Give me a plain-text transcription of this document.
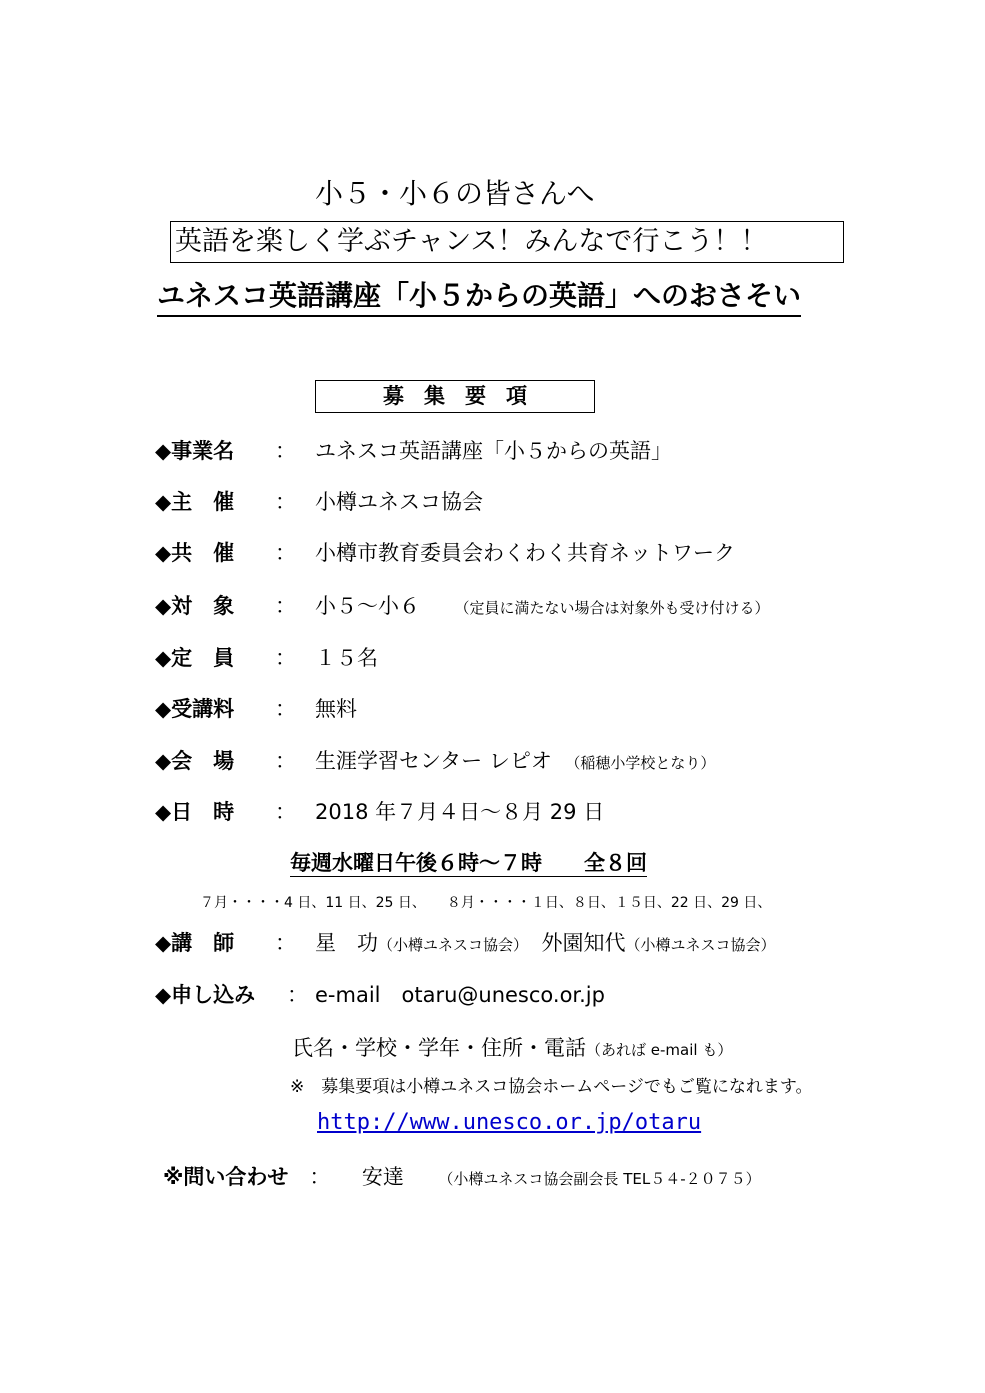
小５・小６の皆さんへ
英語を楽しく学ぶチャンス！みんなで行こう！！
ユネスコ英語講座「小５からの英語」へのおさそい
募集要項
◆事業名 ： ユネスコ英語講座「小５からの英語」
◆主　催 ： 小樽ユネスコ協会
◆共　催 ： 小樽市教育委員会わくわく共育ネットワーク
◆対　象 ： 小５～小６　　	（定員に満たない場合は対象外も受け付ける）
◆定　員 ： １５名
◆受講料 ： 無料
◆会　場 ： 生涯学習センター レピオ　 （稲穂小学校となり）
◆日　時 ： 2018 年７月４日～８月 29 日
毎週水曜日午後６時～７時　　全８回
７月・・・・4 日、11 日、25 日、　　 ８月・・・・１日、８日、１５日、22 日、29 日、
◆講　師 ： 星　功（小樽ユネスコ協会）　 外園知代（小樽ユネスコ協会）
◆申し込み ： e-mail　otaru@unesco.or.jp
氏名・学校・学年・住所・電話（あれば e-mail も）
※　募集要項は小樽ユネスコ協会ホームページでもご覧になれます。
http://www.unesco.or.jp/otaru
※問い合わせ　 ：　　 安達　　	（小樽ユネスコ協会副会長 TEL５４-２０７５）
